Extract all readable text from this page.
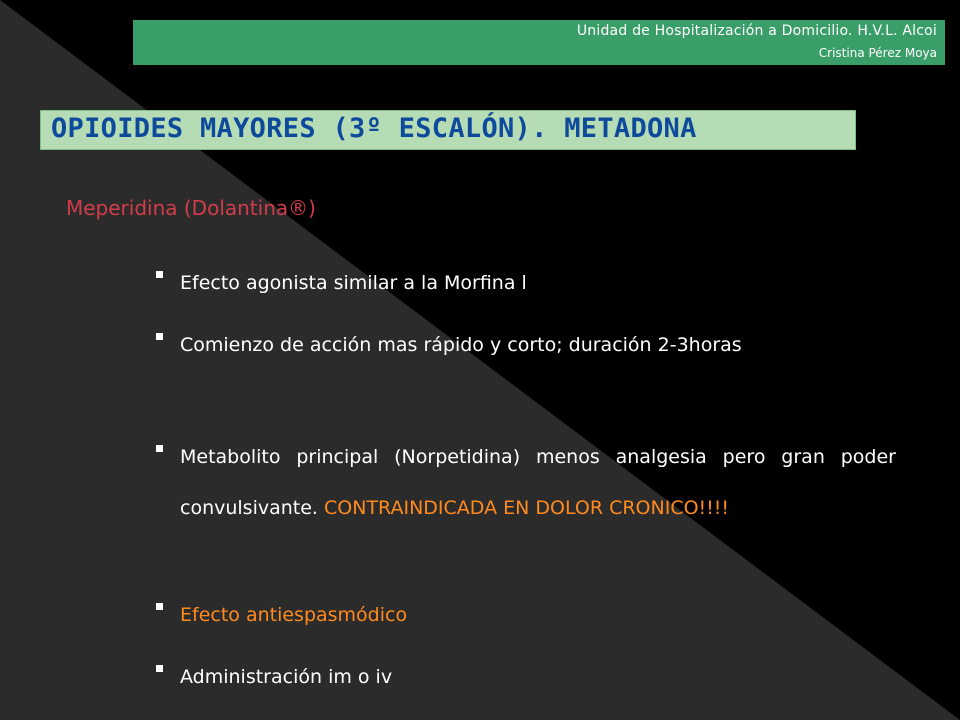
Unidad de Hospitalización a Domicilio. H.V.L. Alcoi
Cristina Pérez Moya
OPIOIDES MAYORES (3º ESCALÓN). METADONA
Meperidina (Dolantina®)
Efecto agonista similar a la Morfina l
Comienzo de acción mas rápido y corto; duración 2-3horas
Metabolito principal (Norpetidina) menos analgesia pero gran poder convulsivante. CONTRAINDICADA EN DOLOR CRONICO!!!!
Efecto antiespasmódico
Administración im o iv
